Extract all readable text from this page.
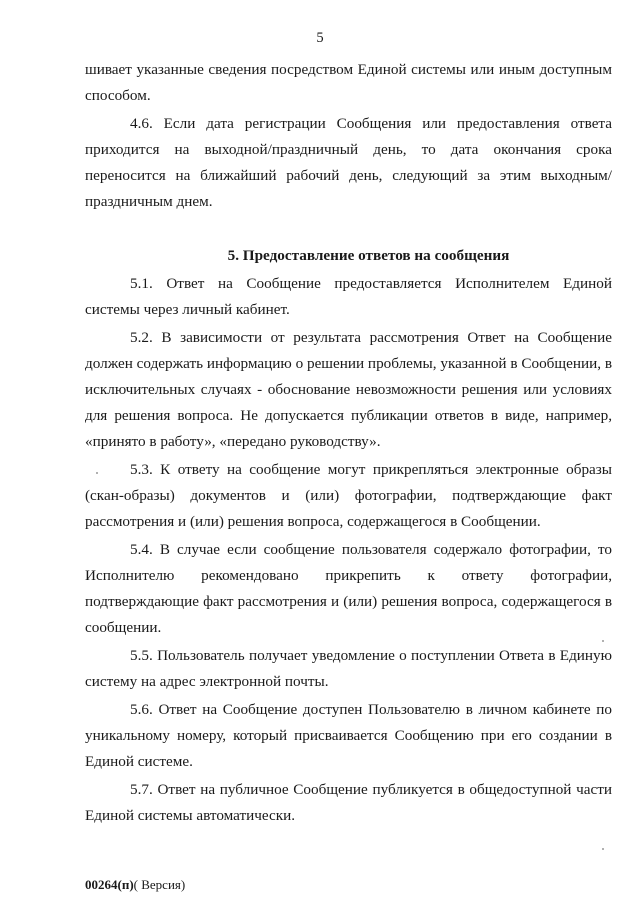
5

шивает указанные сведения посредством Единой системы или иным доступным способом.

4.6. Если дата регистрации Сообщения или предоставления ответа приходится на выходной/праздничный день, то дата окончания срока переносится на ближайший рабочий день, следующий за этим выходным/праздничным днем.

5. Предоставление ответов на сообщения

5.1. Ответ на Сообщение предоставляется Исполнителем Единой системы через личный кабинет.

5.2. В зависимости от результата рассмотрения Ответ на Сообщение должен содержать информацию о решении проблемы, указанной в Сообщении, в исключительных случаях - обоснование невозможности решения или условиях для решения вопроса. Не допускается публикации ответов в виде, например, «принято в работу», «передано руководству».

5.3. К ответу на сообщение могут прикрепляться электронные образы (скан-образы) документов и (или) фотографии, подтверждающие факт рассмотрения и (или) решения вопроса, содержащегося в Сообщении.

5.4. В случае если сообщение пользователя содержало фотографии, то Исполнителю рекомендовано прикрепить к ответу фотографии, подтверждающие факт рассмотрения и (или) решения вопроса, содержащегося в сообщении.

5.5. Пользователь получает уведомление о поступлении Ответа в Единую систему на адрес электронной почты.

5.6. Ответ на Сообщение доступен Пользователю в личном кабинете по уникальному номеру, который присваивается Сообщению при его создании в Единой системе.

5.7. Ответ на публичное Сообщение публикуется в общедоступной части Единой системы автоматически.

00264(п)( Версия)
